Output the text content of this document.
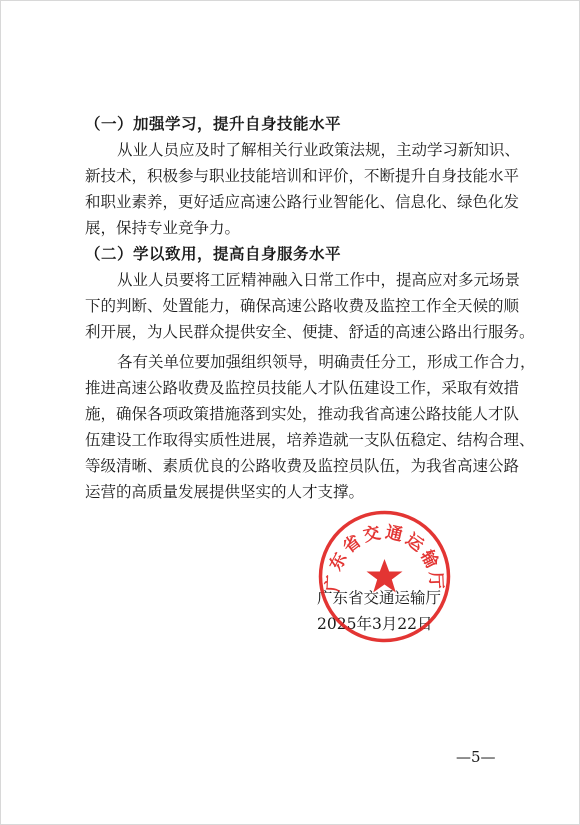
（一）加强学习，提升自身技能水平
从业人员应及时了解相关行业政策法规，主动学习新知识、
新技术，积极参与职业技能培训和评价，不断提升自身技能水平
和职业素养，更好适应高速公路行业智能化、信息化、绿色化发
展，保持专业竞争力。
（二）学以致用，提高自身服务水平
从业人员要将工匠精神融入日常工作中，提高应对多元场景
下的判断、处置能力，确保高速公路收费及监控工作全天候的顺
利开展，为人民群众提供安全、便捷、舒适的高速公路出行服务。
各有关单位要加强组织领导，明确责任分工，形成工作合力，
推进高速公路收费及监控员技能人才队伍建设工作，采取有效措
施，确保各项政策措施落到实处，推动我省高速公路技能人才队
伍建设工作取得实质性进展，培养造就一支队伍稳定、结构合理、
等级清晰、素质优良的公路收费及监控员队伍，为我省高速公路
运营的高质量发展提供坚实的人才支撑。
广东省交通运输厅
2025年3月22日
广东省交通运输厅
—5—
